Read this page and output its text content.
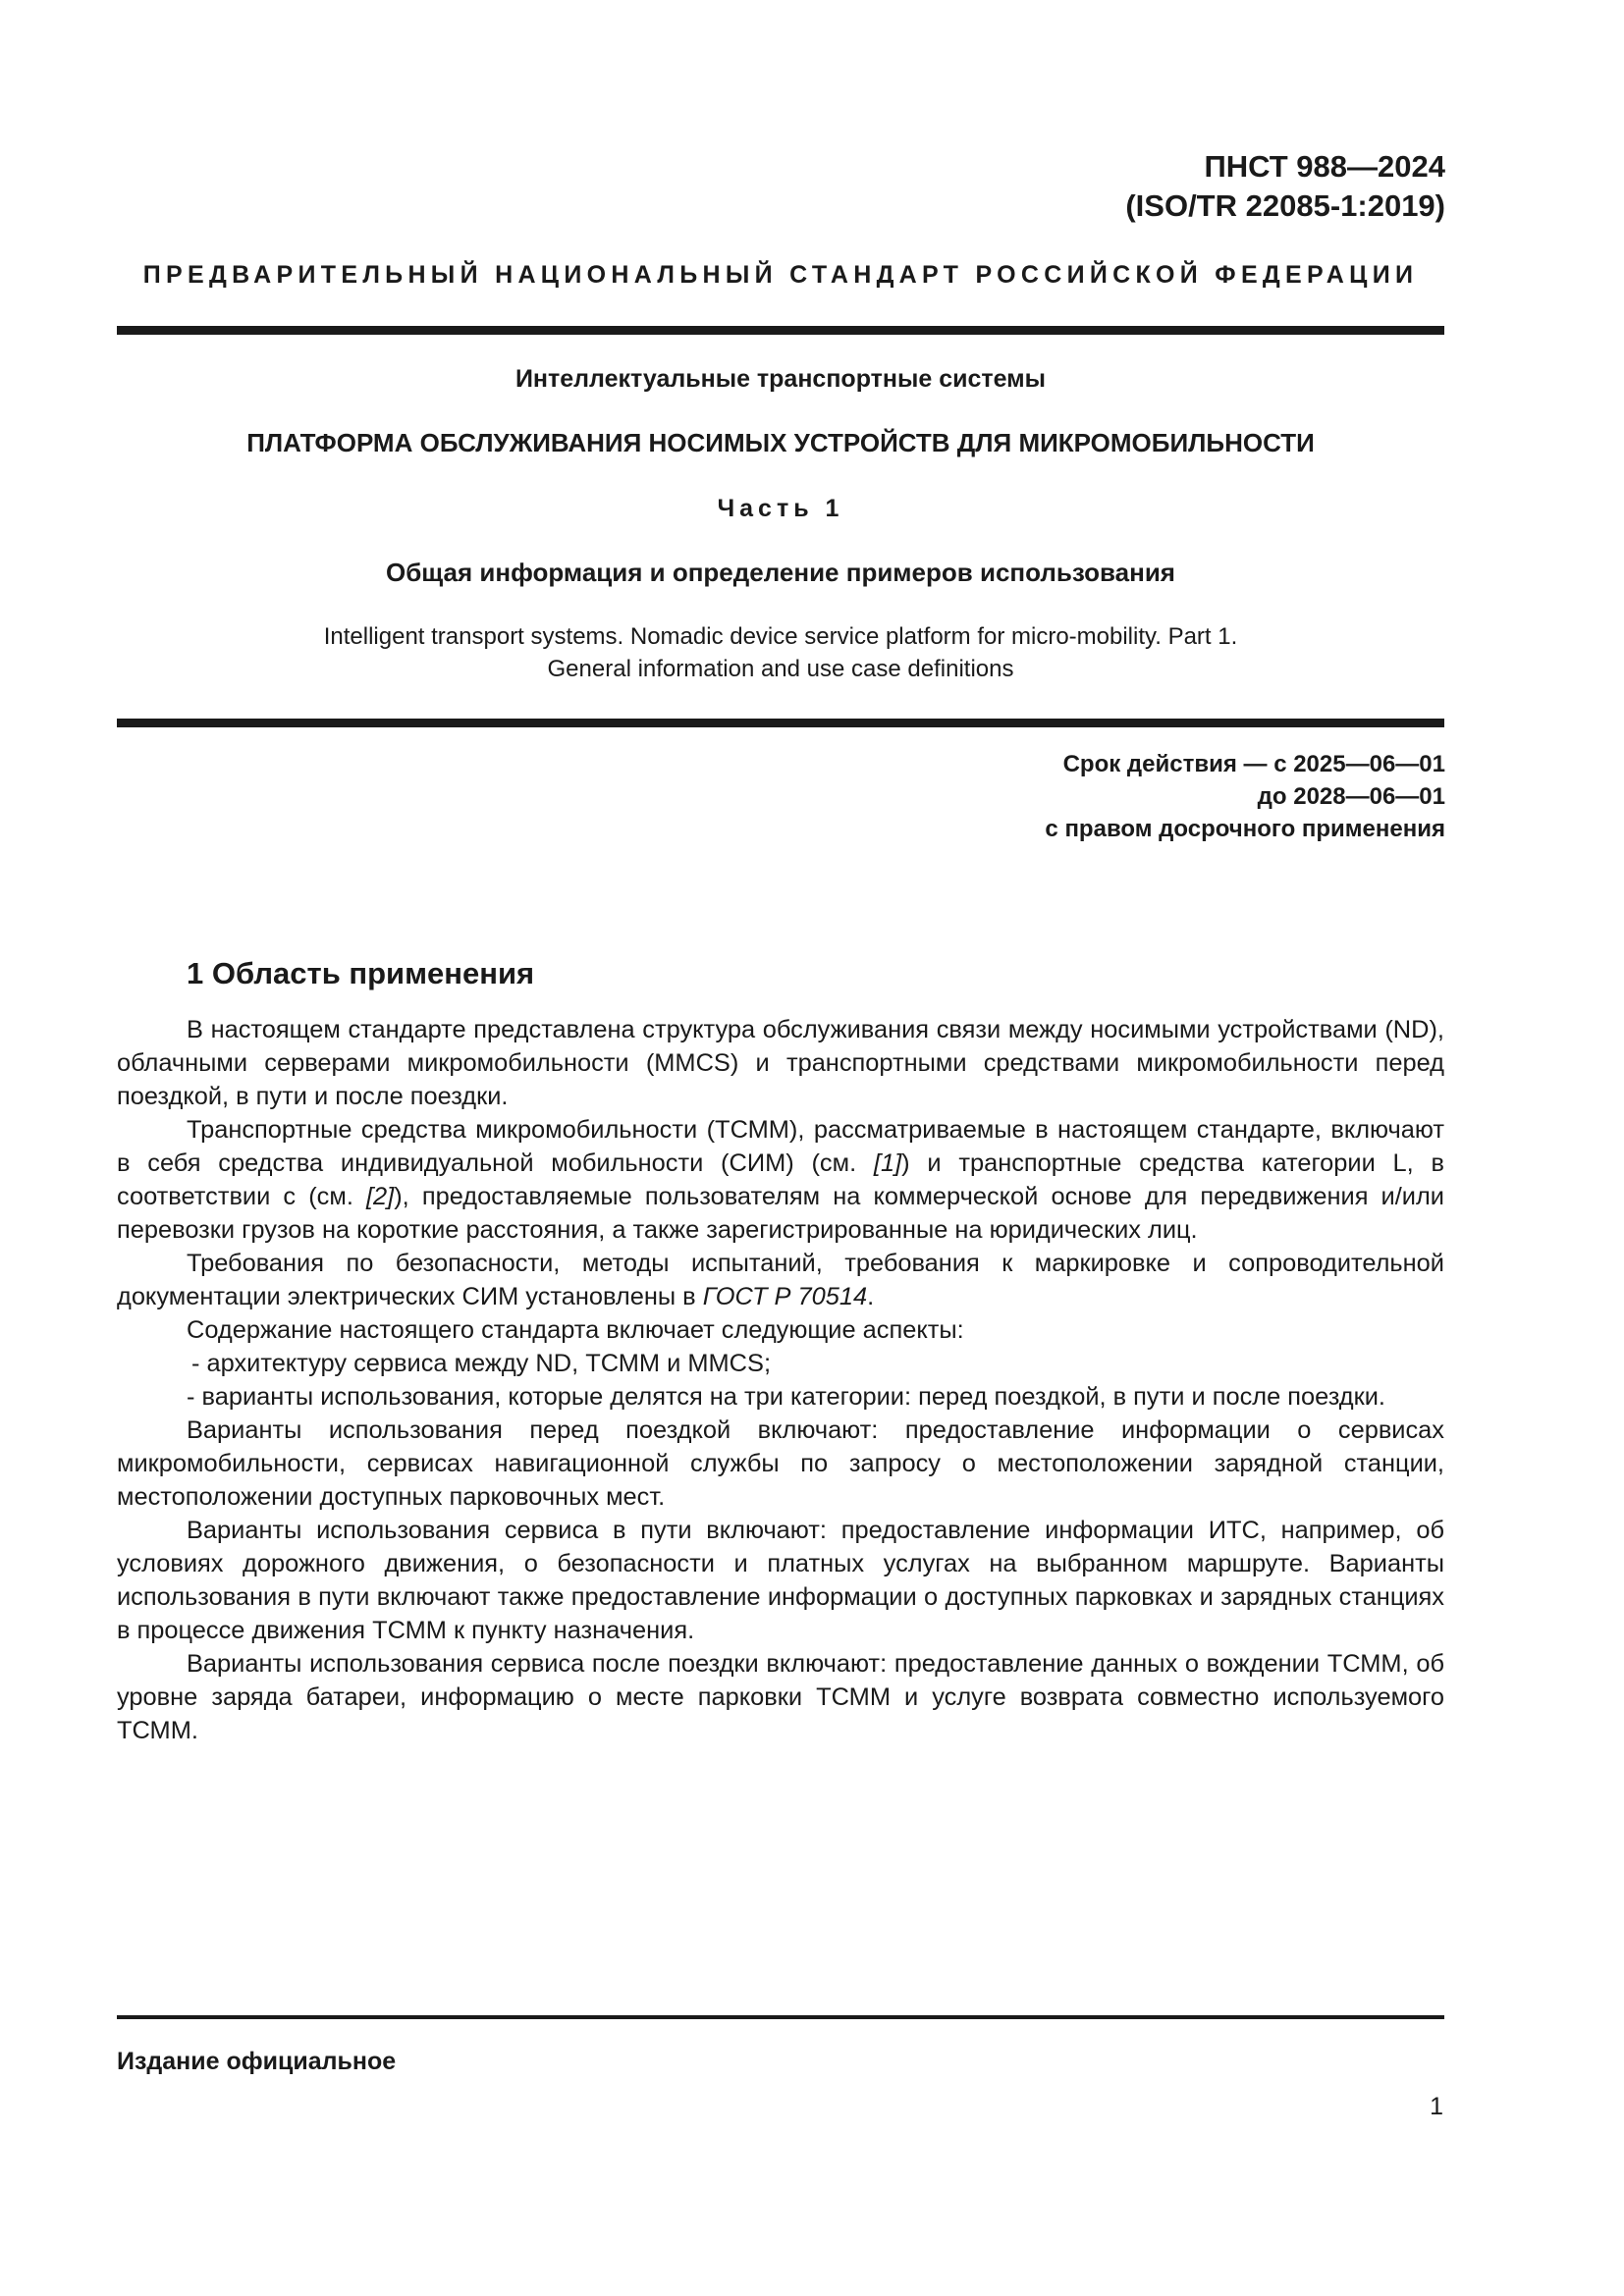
ПНСТ 988—2024
(ISO/TR 22085-1:2019)
ПРЕДВАРИТЕЛЬНЫЙ НАЦИОНАЛЬНЫЙ СТАНДАРТ РОССИЙСКОЙ ФЕДЕРАЦИИ
Интеллектуальные транспортные системы
ПЛАТФОРМА ОБСЛУЖИВАНИЯ НОСИМЫХ УСТРОЙСТВ ДЛЯ МИКРОМОБИЛЬНОСТИ
Часть 1
Общая информация и определение примеров использования
Intelligent transport systems. Nomadic device service platform for micro-mobility. Part 1.
General information and use case definitions
Срок действия — с 2025—06—01
до 2028—06—01
с правом досрочного применения
1 Область применения

В настоящем стандарте представлена структура обслуживания связи между носимыми устройствами (ND), облачными серверами микромобильности (MMCS) и транспортными средствами микромобильности перед поездкой, в пути и после поездки.

Транспортные средства микромобильности (ТСММ), рассматриваемые в настоящем стандарте, включают в себя средства индивидуальной мобильности (СИМ) (см. [1]) и транспортные средства категории L, в соответствии с (см. [2]), предоставляемые пользователям на коммерческой основе для передвижения и/или перевозки грузов на короткие расстояния, а также зарегистрированные на юридических лиц.

Требования по безопасности, методы испытаний, требования к маркировке и сопроводительной документации электрических СИМ установлены в ГОСТ Р 70514.

Содержание настоящего стандарта включает следующие аспекты:

- архитектуру сервиса между ND, ТСММ и MMCS;

- варианты использования, которые делятся на три категории: перед поездкой, в пути и после поездки.

Варианты использования перед поездкой включают: предоставление информации о сервисах микромобильности, сервисах навигационной службы по запросу о местоположении зарядной станции, местоположении доступных парковочных мест.

Варианты использования сервиса в пути включают: предоставление информации ИТС, например, об условиях дорожного движения, о безопасности и платных услугах на выбранном маршруте. Варианты использования в пути включают также предоставление информации о доступных парковках и зарядных станциях в процессе движения ТСММ к пункту назначения.

Варианты использования сервиса после поездки включают: предоставление данных о вождении ТСММ, об уровне заряда батареи, информацию о месте парковки ТСММ и услуге возврата совместно используемого ТСММ.

Издание официальное
1
